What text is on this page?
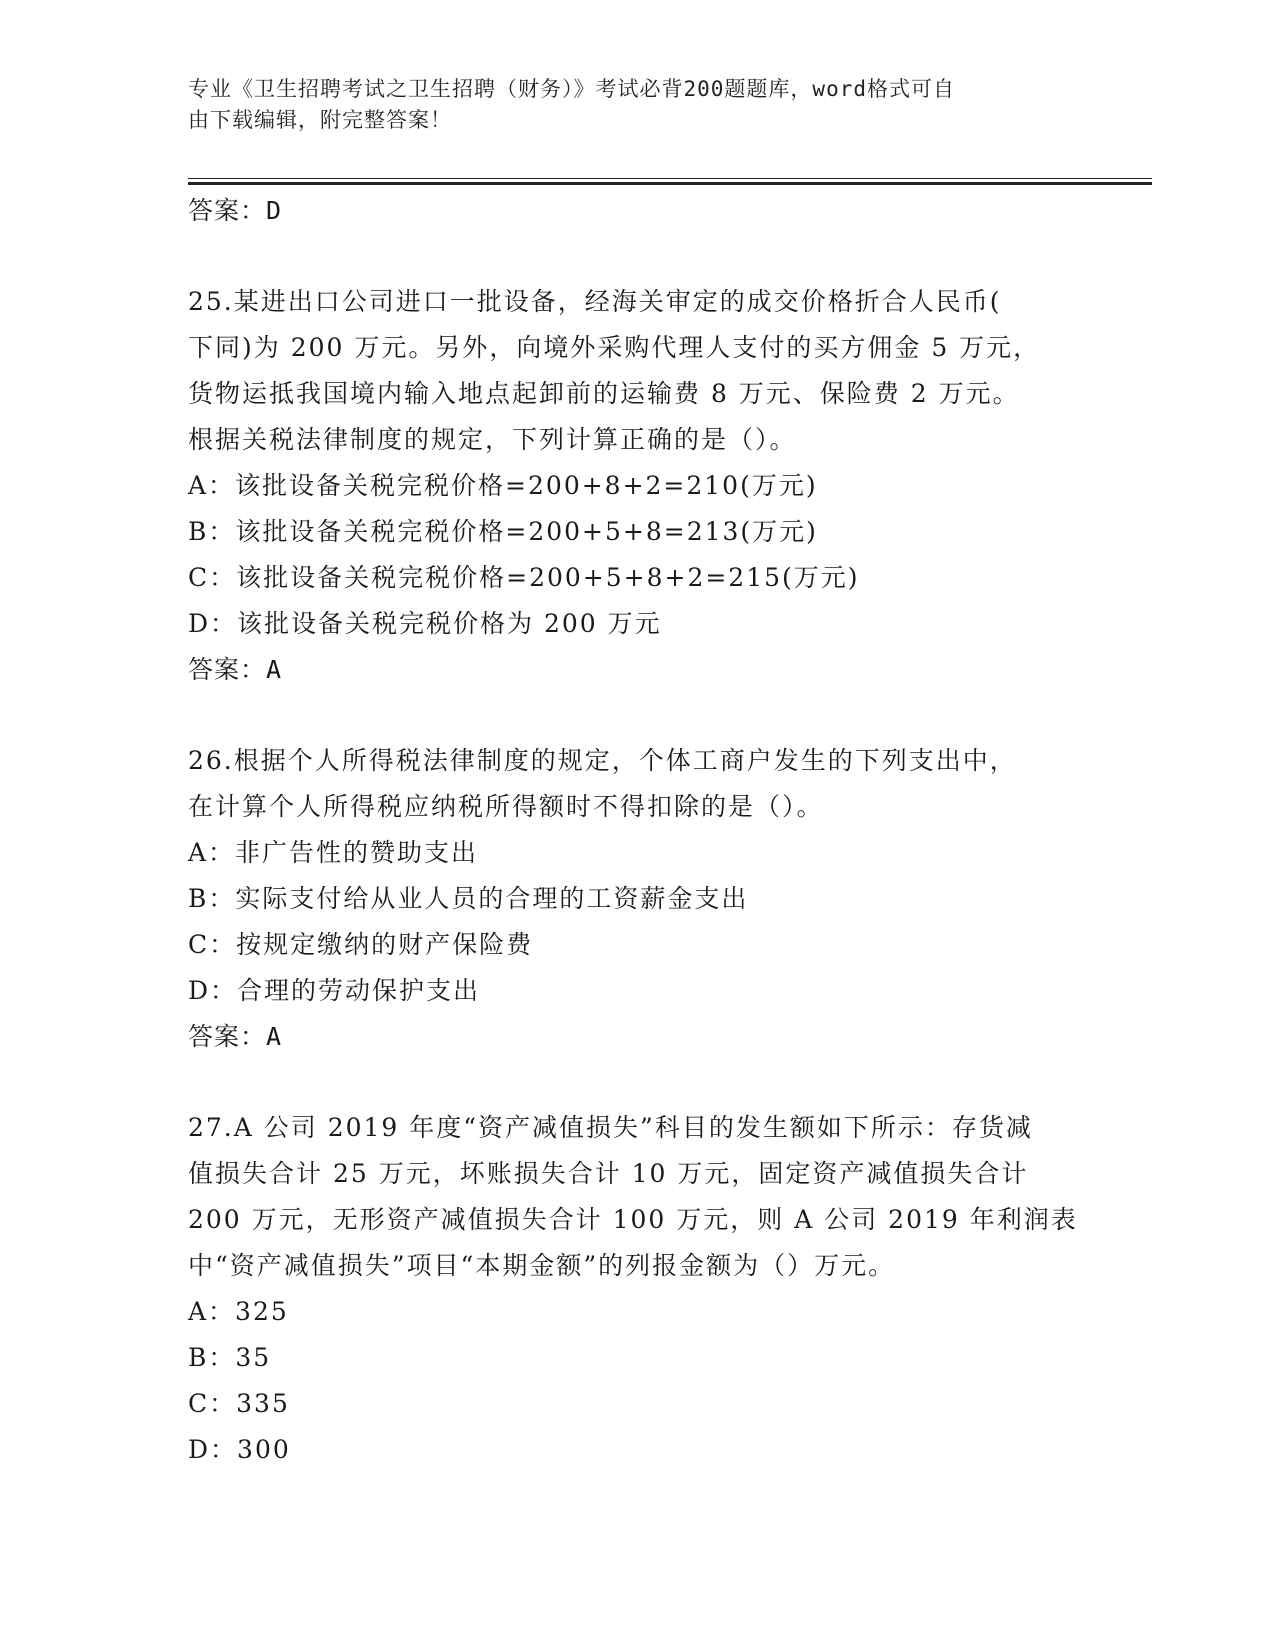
专业《卫生招聘考试之卫生招聘（财务）》考试必背200题题库，word格式可自
由下载编辑，附完整答案！
答案：D
25.某进出口公司进口一批设备，经海关审定的成交价格折合人民币(
下同)为 200 万元。另外，向境外采购代理人支付的买方佣金 5 万元，
货物运抵我国境内输入地点起卸前的运输费 8 万元、保险费 2 万元。
根据关税法律制度的规定，下列计算正确的是（）。
A：该批设备关税完税价格=200+8+2=210(万元)
B：该批设备关税完税价格=200+5+8=213(万元)
C：该批设备关税完税价格=200+5+8+2=215(万元)
D：该批设备关税完税价格为 200 万元
答案：A
26.根据个人所得税法律制度的规定，个体工商户发生的下列支出中，
在计算个人所得税应纳税所得额时不得扣除的是（）。
A：非广告性的赞助支出
B：实际支付给从业人员的合理的工资薪金支出
C：按规定缴纳的财产保险费
D：合理的劳动保护支出
答案：A
27.A 公司 2019 年度“资产减值损失”科目的发生额如下所示：存货减
值损失合计 25 万元，坏账损失合计 10 万元，固定资产减值损失合计
200 万元，无形资产减值损失合计 100 万元，则 A 公司 2019 年利润表
中“资产减值损失”项目“本期金额”的列报金额为（）万元。
A：325
B：35
C：335
D：300
